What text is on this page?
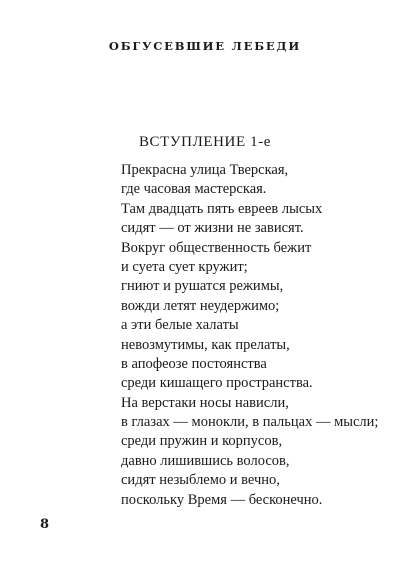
ОБГУСЕВШИЕ ЛЕБЕДИ
ВСТУПЛЕНИЕ 1-е
Прекрасна улица Тверская,
где часовая мастерская.
Там двадцать пять евреев лысых
сидят — от жизни не зависят.
Вокруг общественность бежит
и суета сует кружит;
гниют и рушатся режимы,
вожди летят неудержимо;
а эти белые халаты
невозмутимы, как прелаты,
в апофеозе постоянства
среди кишащего пространства.
На верстаки носы нависли,
в глазах — монокли, в пальцах — мысли;
среди пружин и корпусов,
давно лишившись волосов,
сидят незыблемо и вечно,
поскольку Время — бесконечно.
8
